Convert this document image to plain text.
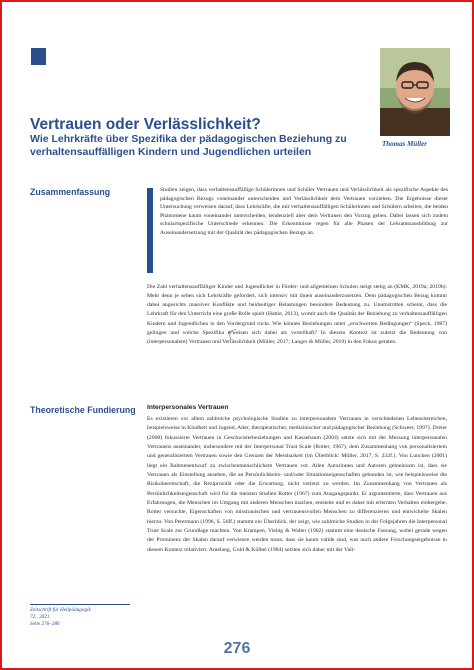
Thomas Müller
Vertrauen oder Verlässlichkeit?
Wie Lehrkräfte über Spezifika der pädagogischen Beziehung zu verhaltensauffälligen Kindern und Jugendlichen urteilen
Zusammenfassung	Studien zeigen, dass verhaltensauffällige Schülerinnen und Schüler Vertrauen und Verlässlichkeit als spezifische Aspekte des pädagogischen Bezugs voneinander unterscheiden und Verlässlichkeit dem Vertrauen vorziehen. Die Ergebnisse dieser Untersuchung verweisen darauf, dass Lehrkräfte, die mit verhaltensauffälligen Schülerinnen und Schülern arbeiten, die beiden Phänomene kaum voneinander unterscheiden, tendenziell aber dem Vertrauen den Vorzug geben. Dabei lassen sich zudem schulartspezifische Unterschiede erkennen. Die Erkenntnisse regen für alle Phasen der Lehramtsausbildung zur Auseinandersetzung mit der Qualität des pädagogischen Bezugs an.
Die Zahl verhaltensauffälliger Kinder und Jugendlicher in Förder- und allgemeinen Schulen steigt stetig an (KMK, 2019a; 2019b). Mehr denn je sehen sich Lehrkräfte gefordert, sich intensiv mit ihnen auseinanderzusetzen. Dem pädagogischen Bezug kommt dabei angesichts massiver Konflikte und beidseitiger Belastungen besondere Bedeutung zu. Unumstritten scheint, dass die Lehrkraft für den Unterricht eine große Rolle spielt (Hattie, 2013), womit auch die Qualität der Beziehung zu verhaltensauffälligen Kindern und Jugendlichen in den Vordergrund rückt. Wie können Beziehungen unter „erschwerten Bedingungen“ (Speck, 1987) gelingen und welche Spezifika erweisen sich dabei als vorteilhaft? In diesem Kontext ist zuletzt die Bedeutung von (interpersonalem) Vertrauen und Verlässlichkeit (Müller, 2017; Langer & Müller, 2019) in den Fokus geraten.
Theoretische Fundierung Interpersonales Vertrauen
Es existieren vor allem zahlreiche psychologische Studien zu interpersonalem Vertrauen in verschiedenen Lebensbereichen, beispielsweise in Kindheit und Jugend, Alter, therapeutischer, medizinischer und pädagogischer Beziehung (Schweer, 1997). Dreier (2008) fokussierte Vertrauen in Geschwisterbeziehungen und Kassebaum (2004) setzte sich mit der Messung interpersonalen Vertrauens auseinander, insbesondere mit der Interpersonal Trust Scale (Rotter, 1967), dem Zusammenhang von personalisiertem und generalisiertem Vertrauen sowie den Grenzen der Messbarkeit (im Überblick: Müller, 2017, S. 232f.). Von Luncken (2001) liegt ein Rahmenentwurf zu zwischenmenschlichem Vertrauen vor. Allen Autorinnen und Autoren gemeinsam ist, dass sie Vertrauen als Einstellung ansehen, die an Persönlichkeits- und/oder Situationseigenschaften gebunden ist, wie beispielsweise die Risikobereitschaft, die Reziprozität oder die Erwartung, nicht verletzt zu werden. Im Zusammenhang von Vertrauen als Persönlichkeitseigenschaft wird für die meisten Studien Rotter (1967) zum Ausgangspunkt. Er argumentierte, dass Vertrauen aus Erfahrungen, die Menschen im Umgang mit anderen Menschen machen, entstehe und es daher mit erlernten Verhalten einhergehe. Rotter versuchte, Eigenschaften von misstrauischen und vertrauensvollen Menschen zu differenzieren und entwickelte Skalen hierzu. Von Petermann (1996, S. 56ff.) stammt ein Überblick, der zeigt, wie zahlreiche Studien in der Folgejahren die Interpersonal Trust Scale zur Grundlage machten. Von Krampen, Viebig & Walter (1982) stammt eine deutsche Fassung, wobei gerade wegen der Prominenz der Skalen darauf verwiesen werden muss, dass sie kaum valide sind, was auch andere Forschungsergebnisse in diesem Kontext relativiert. Amelang, Gold & Külbel (1984) setzten sich daher mit der Vali-
Zeitschrift für Heilpädagogik
72., 2021
Seite 276–286
276
